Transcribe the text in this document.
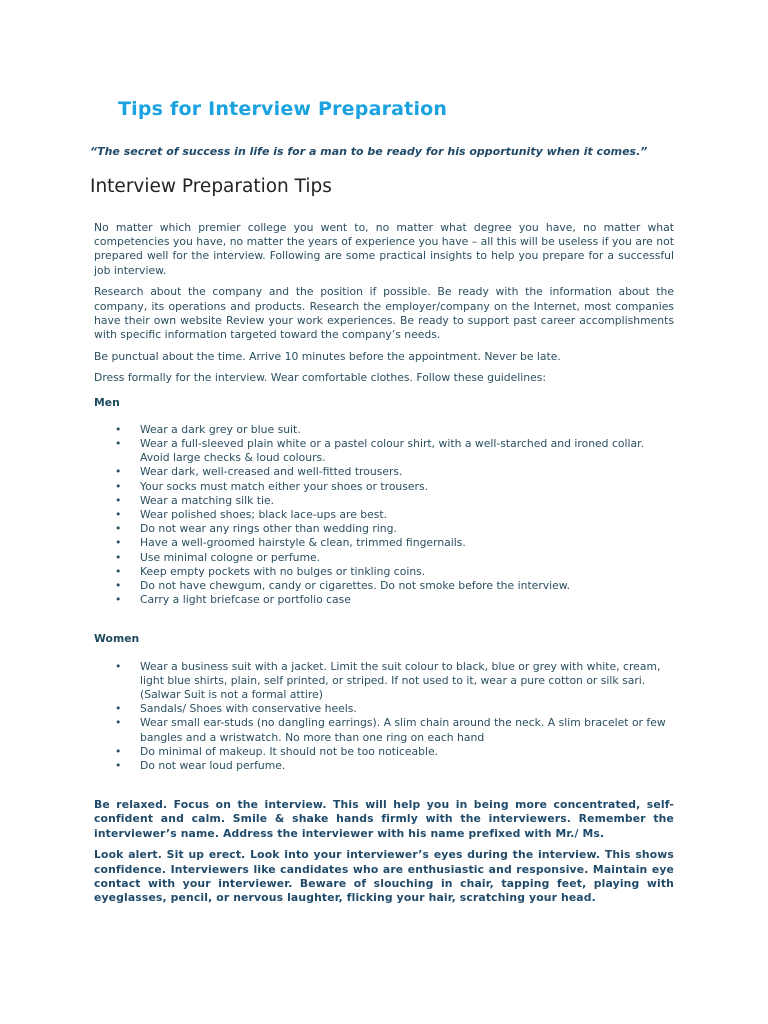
Tips for Interview Preparation

“The secret of success in life is for a man to be ready for his opportunity when it comes.”

Interview Preparation Tips

No matter which premier college you went to, no matter what degree you have, no matter what competencies you have, no matter the years of experience you have – all this will be useless if you are not prepared well for the interview. Following are some practical insights to help you prepare for a successful job interview.

Research about the company and the position if possible. Be ready with the information about the company, its operations and products. Research the employer/company on the Internet, most companies have their own website Review your work experiences. Be ready to support past career accomplishments with specific information targeted toward the company’s needs.

Be punctual about the time. Arrive 10 minutes before the appointment. Never be late.

Dress formally for the interview. Wear comfortable clothes. Follow these guidelines:

Men
• Wear a dark grey or blue suit.
• Wear a full-sleeved plain white or a pastel colour shirt, with a well-starched and ironed collar. Avoid large checks & loud colours.
• Wear dark, well-creased and well-fitted trousers.
• Your socks must match either your shoes or trousers.
• Wear a matching silk tie.
• Wear polished shoes; black lace-ups are best.
• Do not wear any rings other than wedding ring.
• Have a well-groomed hairstyle & clean, trimmed fingernails.
• Use minimal cologne or perfume.
• Keep empty pockets with no bulges or tinkling coins.
• Do not have chewgum, candy or cigarettes. Do not smoke before the interview.
• Carry a light briefcase or portfolio case
Women
• Wear a business suit with a jacket. Limit the suit colour to black, blue or grey with white, cream, light blue shirts, plain, self printed, or striped. If not used to it, wear a pure cotton or silk sari. (Salwar Suit is not a formal attire)
• Sandals/ Shoes with conservative heels.
• Wear small ear-studs (no dangling earrings). A slim chain around the neck. A slim bracelet or few bangles and a wristwatch. No more than one ring on each hand
• Do minimal of makeup. It should not be too noticeable.
• Do not wear loud perfume.

Be relaxed. Focus on the interview. This will help you in being more concentrated, self-confident and calm. Smile & shake hands firmly with the interviewers. Remember the interviewer’s name. Address the interviewer with his name prefixed with Mr./ Ms.

Look alert. Sit up erect. Look into your interviewer’s eyes during the interview. This shows confidence. Interviewers like candidates who are enthusiastic and responsive. Maintain eye contact with your interviewer. Beware of slouching in chair, tapping feet, playing with eyeglasses, pencil, or nervous laughter, flicking your hair, scratching your head.
